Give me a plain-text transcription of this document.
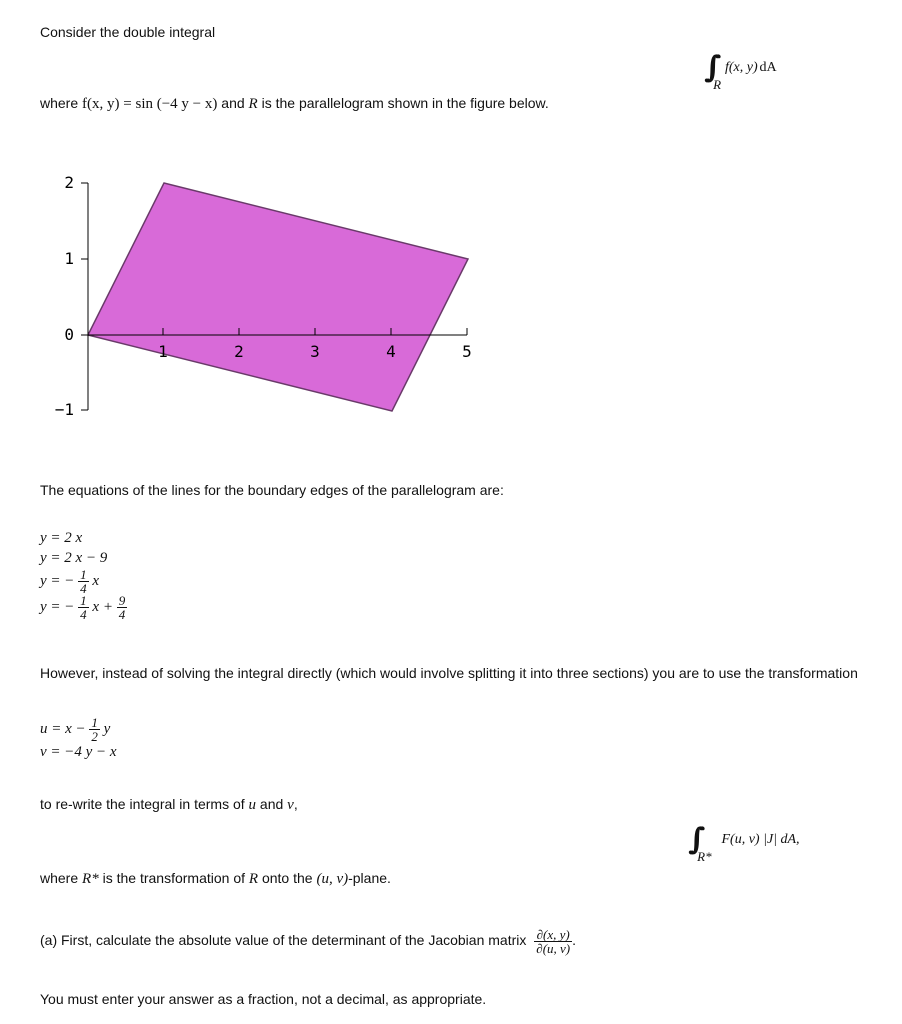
Consider the double integral
∫∫ R f(x, y) dA
where f(x, y) = sin (−4 y − x) and R is the parallelogram shown in the figure below.
2
1
0
−1
1	2	3	4	5
The equations of the lines for the boundary edges of the parallelogram are:
y = 2 x
y = 2 x − 9
y = − $\frac{1}{4}$ x
y = − $\frac{1}{4}$ $x + \frac{9}{4}$
However, instead of solving the integral directly (which would involve splitting it into three sections) you are to use the transformation
$u = x - \frac{1}{2}$ y
v = −4 y − x
to re-write the integral in terms of u and v,
∫∫ R* F(u, v) |J| dA,
where R* is the transformation of R onto the (u, v)-plane.
(a) First, calculate the absolute value of the determinant of the Jacobian matrix $\frac{\partial(x, y)}{\partial(u, v)}$ .
You must enter your answer as a fraction, not a decimal, as appropriate.
